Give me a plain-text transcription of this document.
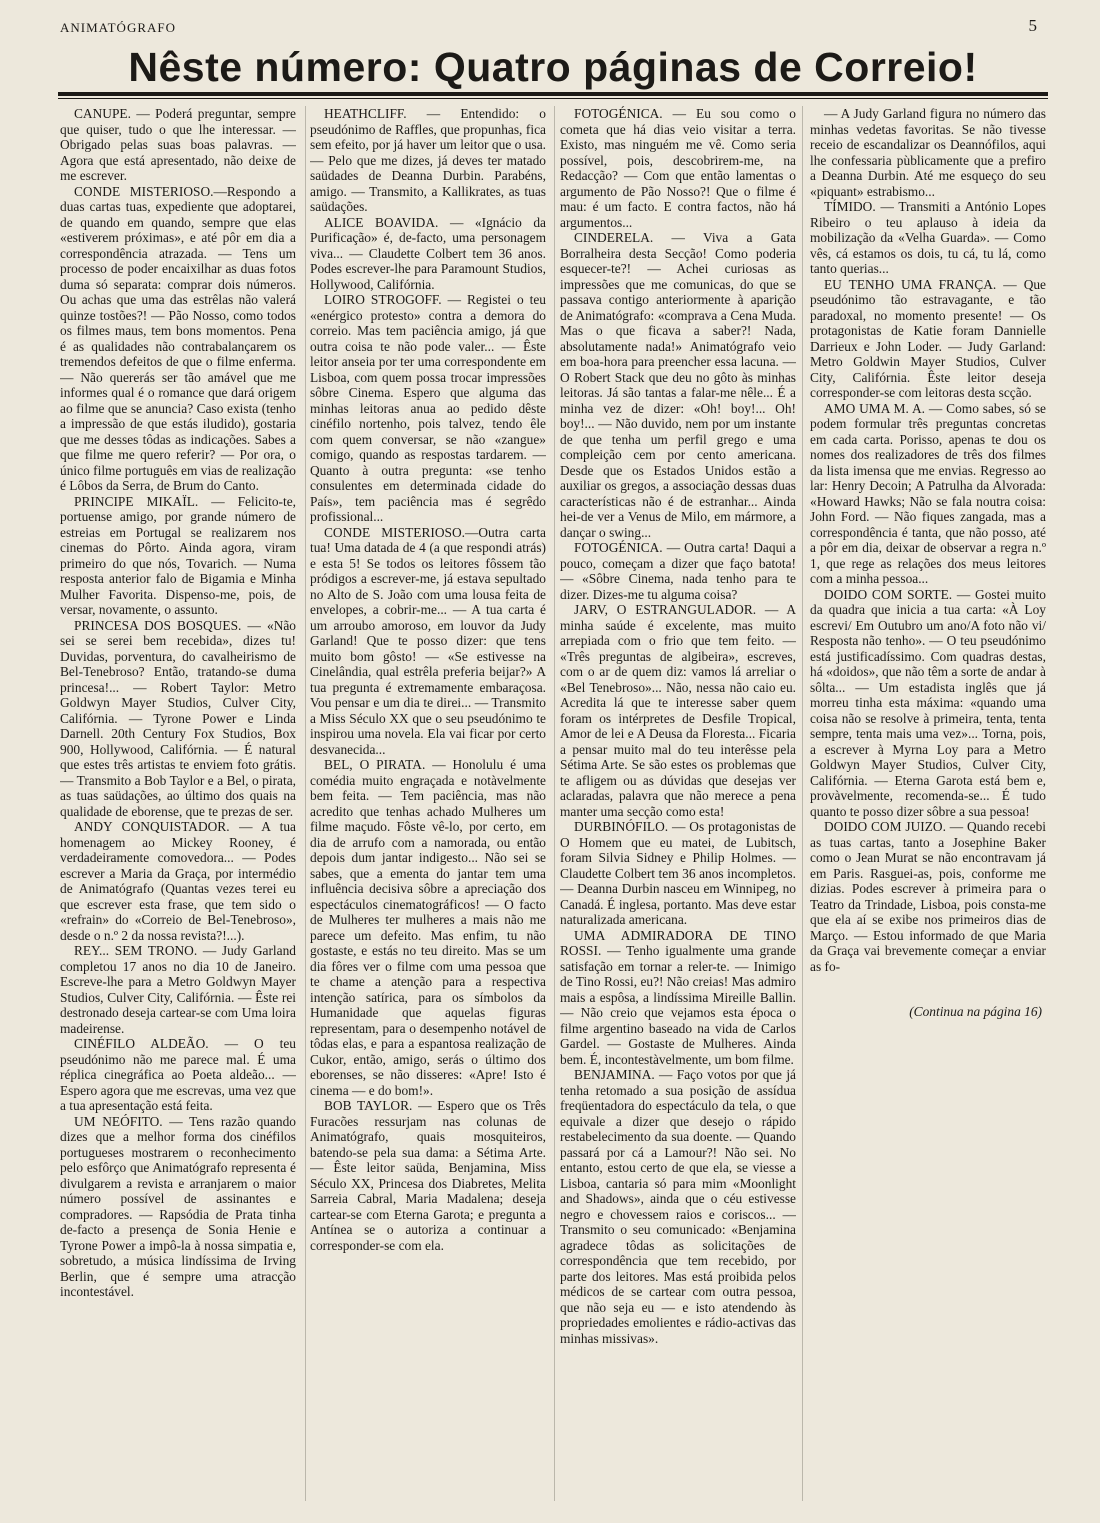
ANIMATÓGRAFO	5
Nêste número: Quatro páginas de Correio!

CANUPE. — Poderá preguntar, sempre que quiser, tudo o que lhe interessar. — Obrigado pelas suas boas palavras. — Agora que está apresentado, não deixe de me escrever.

CONDE MISTERIOSO.—Respondo a duas cartas tuas, expediente que adoptarei, de quando em quando, sempre que elas «estiverem próximas», e até pôr em dia a correspondência atrazada. — Tens um processo de poder encaixilhar as duas fotos duma só separata: comprar dois números. Ou achas que uma das estrêlas não valerá quinze tostões?! — Pão Nosso, como todos os filmes maus, tem bons momentos. Pena é as qualidades não contrabalançarem os tremendos defeitos de que o filme enferma. — Não quererás ser tão amável que me informes qual é o romance que dará origem ao filme que se anuncia? Caso exista (tenho a impressão de que estás iludido), gostaria que me desses tôdas as indicações. Sabes a que filme me quero referir? — Por ora, o único filme português em vias de realização é Lôbos da Serra, de Brum do Canto.

PRINCIPE MIKAÏL. — Felicito-te, portuense amigo, por grande número de estreias em Portugal se realizarem nos cinemas do Pôrto. Ainda agora, viram primeiro do que nós, Tovarich. — Numa resposta anterior falo de Bigamia e Minha Mulher Favorita. Dispenso-me, pois, de versar, novamente, o assunto.

PRINCESA DOS BOSQUES. — «Não sei se serei bem recebida», dizes tu! Duvidas, porventura, do cavalheirismo de Bel-Tenebroso? Então, tratando-se duma princesa!... — Robert Taylor: Metro Goldwyn Mayer Studios, Culver City, Califórnia. — Tyrone Power e Linda Darnell. 20th Century Fox Studios, Box 900, Hollywood, Califórnia. — É natural que estes três artistas te enviem foto grátis. — Transmito a Bob Taylor e a Bel, o pirata, as tuas saüdações, ao último dos quais na qualidade de eborense, que te prezas de ser.

ANDY CONQUISTADOR. — A tua homenagem ao Mickey Rooney, é verdadeiramente comovedora... — Podes escrever a Maria da Graça, por intermédio de Animatógrafo (Quantas vezes terei eu que escrever esta frase, que tem sido o «refrain» do «Correio de Bel-Tenebroso», desde o n.º 2 da nossa revista?!...).

REY... SEM TRONO. — Judy Garland completou 17 anos no dia 10 de Janeiro. Escreve-lhe para a Metro Goldwyn Mayer Studios, Culver City, Califórnia. — Êste rei destronado deseja cartear-se com Uma loira madeirense.

CINÉFILO ALDEÃO. — O teu pseudónimo não me parece mal. É uma réplica cinegráfica ao Poeta aldeão... — Espero agora que me escrevas, uma vez que a tua apresentação está feita.

UM NEÓFITO. — Tens razão quando dizes que a melhor forma dos cinéfilos portugueses mostrarem o reconhecimento pelo esfôrço que Animatógrafo representa é divulgarem a revista e arranjarem o maior número possível de assinantes e compradores. — Rapsódia de Prata tinha de-facto a presença de Sonia Henie e Tyrone Power a impô-la à nossa simpatia e, sobretudo, a música lindíssima de Irving Berlin, que é sempre uma atracção incontestável.

HEATHCLIFF. — Entendido: o pseudónimo de Raffles, que propunhas, fica sem efeito, por já haver um leitor que o usa. — Pelo que me dizes, já deves ter matado saüdades de Deanna Durbin. Parabéns, amigo. — Transmito, a Kallikrates, as tuas saüdações.

ALICE BOAVIDA. — «Ignácio da Purificação» é, de-facto, uma personagem viva... — Claudette Colbert tem 36 anos. Podes escrever-lhe para Paramount Studios, Hollywood, Califórnia.

LOIRO STROGOFF. — Registei o teu «enérgico protesto» contra a demora do correio. Mas tem paciência amigo, já que outra coisa te não pode valer... — Êste leitor anseia por ter uma correspondente em Lisboa, com quem possa trocar impressões sôbre Cinema. Espero que alguma das minhas leitoras anua ao pedido dêste cinéfilo nortenho, pois talvez, tendo êle com quem conversar, se não «zangue» comigo, quando as respostas tardarem. — Quanto à outra pregunta: «se tenho consulentes em determinada cidade do País», tem paciência mas é segrêdo profissional...

CONDE MISTERIOSO.—Outra carta tua! Uma datada de 4 (a que respondi atrás) e esta 5! Se todos os leitores fôssem tão pródigos a escrever-me, já estava sepultado no Alto de S. João com uma lousa feita de envelopes, a cobrir-me... — A tua carta é um arroubo amoroso, em louvor da Judy Garland! Que te posso dizer: que tens muito bom gôsto! — «Se estivesse na Cinelândia, qual estrêla preferia beijar?» A tua pregunta é extremamente embaraçosa. Vou pensar e um dia te direi... — Transmito a Miss Século XX que o seu pseudónimo te inspirou uma novela. Ela vai ficar por certo desvanecida...

BEL, O PIRATA. — Honolulu é uma comédia muito engraçada e notàvelmente bem feita. — Tem paciência, mas não acredito que tenhas achado Mulheres um filme maçudo. Fôste vê-lo, por certo, em dia de arrufo com a namorada, ou então depois dum jantar indigesto... Não sei se sabes, que a ementa do jantar tem uma influência decisiva sôbre a apreciação dos espectáculos cinematográficos! — O facto de Mulheres ter mulheres a mais não me parece um defeito. Mas enfim, tu não gostaste, e estás no teu direito. Mas se um dia fôres ver o filme com uma pessoa que te chame a atenção para a respectiva intenção satírica, para os símbolos da Humanidade que aquelas figuras representam, para o desempenho notável de tôdas elas, e para a espantosa realização de Cukor, então, amigo, serás o último dos eborenses, se não disseres: «Apre! Isto é cinema — e do bom!».

BOB TAYLOR. — Espero que os Três Furacões ressurjam nas colunas de Animatógrafo, quais mosquiteiros, batendo-se pela sua dama: a Sétima Arte. — Êste leitor saüda, Benjamina, Miss Século XX, Princesa dos Diabretes, Melita Sarreia Cabral, Maria Madalena; deseja cartear-se com Eterna Garota; e pregunta a Antínea se o autoriza a continuar a corresponder-se com ela.

FOTOGÉNICA. — Eu sou como o cometa que há dias veio visitar a terra. Existo, mas ninguém me vê. Como seria possível, pois, descobrirem-me, na Redacção? — Com que então lamentas o argumento de Pão Nosso?! Que o filme é mau: é um facto. E contra factos, não há argumentos...

CINDERELA. — Viva a Gata Borralheira desta Secção! Como poderia esquecer-te?! — Achei curiosas as impressões que me comunicas, do que se passava contigo anteriormente à aparição de Animatógrafo: «comprava a Cena Muda. Mas o que ficava a saber?! Nada, absolutamente nada!» Animatógrafo veio em boa-hora para preencher essa lacuna. — O Robert Stack que deu no gôto às minhas leitoras. Já são tantas a falar-me nêle... É a minha vez de dizer: «Oh! boy!... Oh! boy!... — Não duvido, nem por um instante de que tenha um perfil grego e uma compleição cem por cento americana. Desde que os Estados Unidos estão a auxiliar os gregos, a associação dessas duas características não é de estranhar... Ainda hei-de ver a Venus de Milo, em mármore, a dançar o swing...

FOTOGÉNICA. — Outra carta! Daqui a pouco, começam a dizer que faço batota! — «Sôbre Cinema, nada tenho para te dizer. Dizes-me tu alguma coisa?

JARV, O ESTRANGULADOR. — A minha saúde é excelente, mas muito arrepiada com o frio que tem feito. — «Três preguntas de algibeira», escreves, com o ar de quem diz: vamos lá arreliar o «Bel Tenebroso»... Não, nessa não caio eu. Acredita lá que te interesse saber quem foram os intérpretes de Desfile Tropical, Amor de lei e A Deusa da Floresta... Ficaria a pensar muito mal do teu interêsse pela Sétima Arte. Se são estes os problemas que te afligem ou as dúvidas que desejas ver aclaradas, palavra que não merece a pena manter uma secção como esta!

DURBINÓFILO. — Os protagonistas de O Homem que eu matei, de Lubitsch, foram Silvia Sidney e Philip Holmes. — Claudette Colbert tem 36 anos incompletos. — Deanna Durbin nasceu em Winnipeg, no Canadá. É inglesa, portanto. Mas deve estar naturalizada americana.

UMA ADMIRADORA DE TINO ROSSI. — Tenho igualmente uma grande satisfação em tornar a reler-te. — Inimigo de Tino Rossi, eu?! Não creias! Mas admiro mais a espôsa, a lindíssima Mireille Ballin. — Não creio que vejamos esta época o filme argentino baseado na vida de Carlos Gardel. — Gostaste de Mulheres. Ainda bem. É, incontestàvelmente, um bom filme.

BENJAMINA. — Faço votos por que já tenha retomado a sua posição de assídua freqüentadora do espectáculo da tela, o que equivale a dizer que desejo o rápido restabelecimento da sua doente. — Quando passará por cá a Lamour?! Não sei. No entanto, estou certo de que ela, se viesse a Lisboa, cantaria só para mim «Moonlight and Shadows», ainda que o céu estivesse negro e chovessem raios e coriscos... — Transmito o seu comunicado: «Benjamina agradece tôdas as solicitações de correspondência que tem recebido, por parte dos leitores. Mas está proibida pelos médicos de se cartear com outra pessoa, que não seja eu — e isto atendendo às propriedades emolientes e rádio-activas das minhas missivas».

— A Judy Garland figura no número das minhas vedetas favoritas. Se não tivesse receio de escandalizar os Deannófilos, aqui lhe confessaria pùblicamente que a prefiro a Deanna Durbin. Até me esqueço do seu «piquant» estrabismo...

TÍMIDO. — Transmiti a António Lopes Ribeiro o teu aplauso à ideia da mobilização da «Velha Guarda». — Como vês, cá estamos os dois, tu cá, tu lá, como tanto querias...

EU TENHO UMA FRANÇA. — Que pseudónimo tão estravagante, e tão paradoxal, no momento presente! — Os protagonistas de Katie foram Dannielle Darrieux e John Loder. — Judy Garland: Metro Goldwin Mayer Studios, Culver City, Califórnia. Êste leitor deseja corresponder-se com leitoras desta scção.

AMO UMA M. A. — Como sabes, só se podem formular três preguntas concretas em cada carta. Porisso, apenas te dou os nomes dos realizadores de três dos filmes da lista imensa que me envias. Regresso ao lar: Henry Decoin; A Patrulha da Alvorada: «Howard Hawks; Não se fala noutra coisa: John Ford. — Não fiques zangada, mas a correspondência é tanta, que não posso, até a pôr em dia, deixar de observar a regra n.º 1, que rege as relações dos meus leitores com a minha pessoa...

DOIDO COM SORTE. — Gostei muito da quadra que inicia a tua carta: «À Loy escrevi/ Em Outubro um ano/A foto não vi/ Resposta não tenho». — O teu pseudónimo está justificadíssimo. Com quadras destas, há «doidos», que não têm a sorte de andar à sôlta... — Um estadista inglês que já morreu tinha esta máxima: «quando uma coisa não se resolve à primeira, tenta, tenta sempre, tenta mais uma vez»... Torna, pois, a escrever à Myrna Loy para a Metro Goldwyn Mayer Studios, Culver City, Califórnia. — Eterna Garota está bem e, provàvelmente, recomenda-se... É tudo quanto te posso dizer sôbre a sua pessoa!

DOIDO COM JUIZO. — Quando recebi as tuas cartas, tanto a Josephine Baker como o Jean Murat se não encontravam já em Paris. Rasguei-as, pois, conforme me dizias. Podes escrever à primeira para o Teatro da Trindade, Lisboa, pois consta-me que ela aí se exibe nos primeiros dias de Março. — Estou informado de que Maria da Graça vai brevemente começar a enviar as fo-

(Continua na página 16)
